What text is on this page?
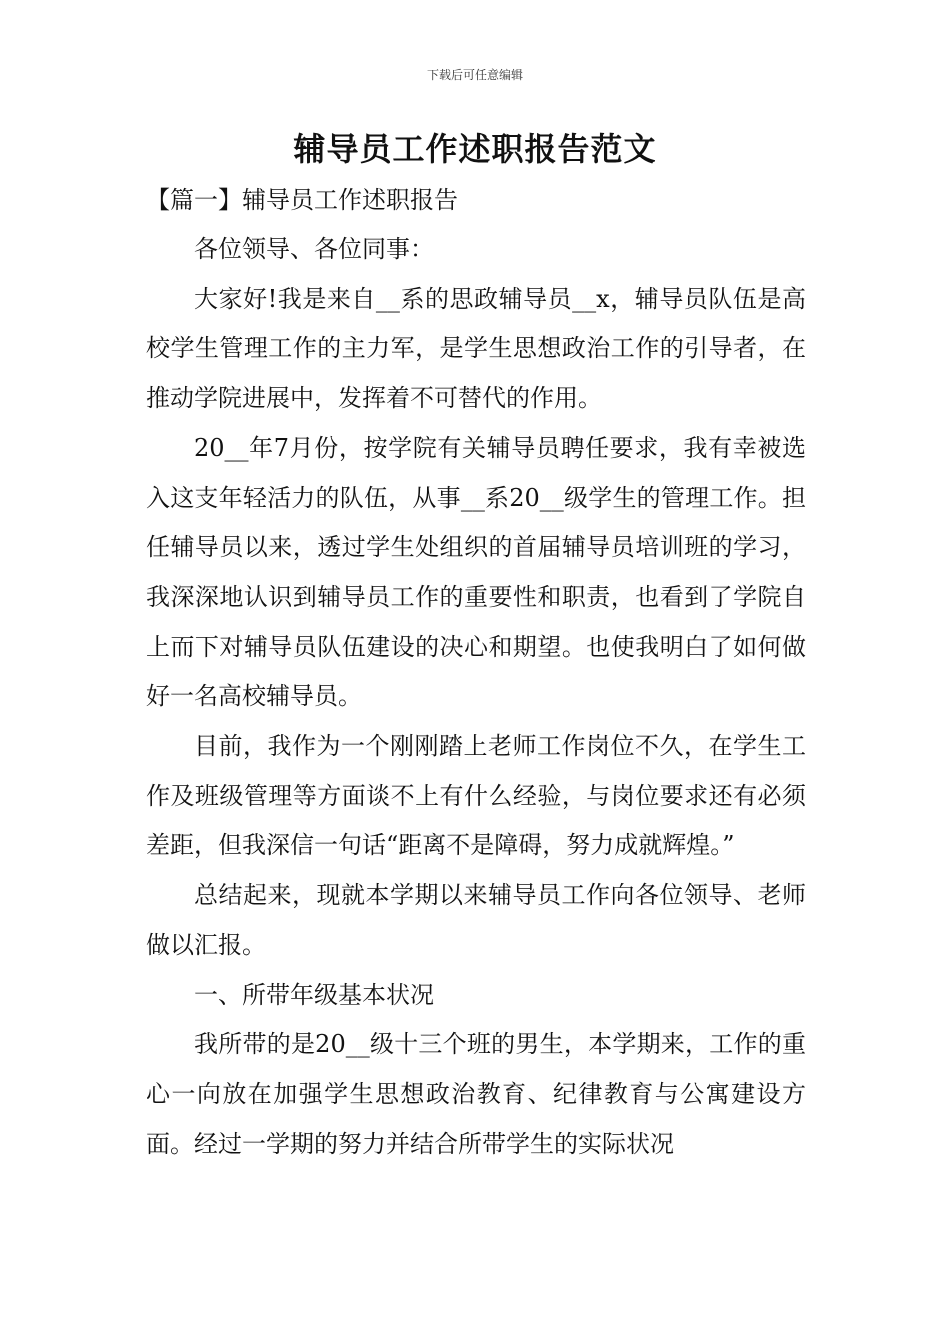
下载后可任意编辑
辅导员工作述职报告范文
【篇一】辅导员工作述职报告

各位领导、各位同事：

大家好!我是来自__系的思政辅导员__x，辅导员队伍是高校学生管理工作的主力军，是学生思想政治工作的引导者，在推动学院进展中，发挥着不可替代的作用。

20__年7月份，按学院有关辅导员聘任要求，我有幸被选入这支年轻活力的队伍，从事__系20__级学生的管理工作。担任辅导员以来，透过学生处组织的首届辅导员培训班的学习，我深深地认识到辅导员工作的重要性和职责，也看到了学院自上而下对辅导员队伍建设的决心和期望。也使我明白了如何做好一名高校辅导员。

目前，我作为一个刚刚踏上老师工作岗位不久，在学生工作及班级管理等方面谈不上有什么经验，与岗位要求还有必须差距，但我深信一句话“距离不是障碍，努力成就辉煌。”

总结起来，现就本学期以来辅导员工作向各位领导、老师做以汇报。

一、所带年级基本状况

我所带的是20__级十三个班的男生，本学期来，工作的重心一向放在加强学生思想政治教育、纪律教育与公寓建设方面。经过一学期的努力并结合所带学生的实际状况
